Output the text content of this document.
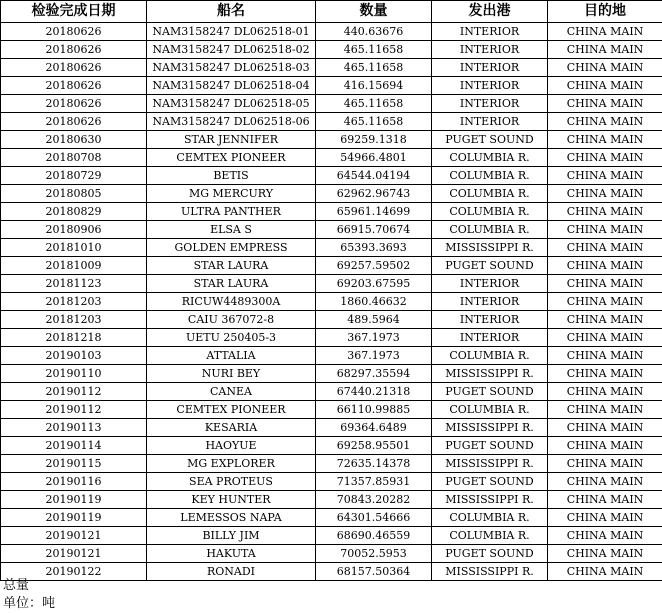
检验完成日期	船名	数量	发出港	目的地
20180626	NAM3158247 DL062518-01	440.63676	INTERIOR	CHINA MAIN
20180626	NAM3158247 DL062518-02	465.11658	INTERIOR	CHINA MAIN
20180626	NAM3158247 DL062518-03	465.11658	INTERIOR	CHINA MAIN
20180626	NAM3158247 DL062518-04	416.15694	INTERIOR	CHINA MAIN
20180626	NAM3158247 DL062518-05	465.11658	INTERIOR	CHINA MAIN
20180626	NAM3158247 DL062518-06	465.11658	INTERIOR	CHINA MAIN
20180630	STAR JENNIFER	69259.1318	PUGET SOUND	CHINA MAIN
20180708	CEMTEX PIONEER	54966.4801	COLUMBIA R.	CHINA MAIN
20180729	BETIS	64544.04194	COLUMBIA R.	CHINA MAIN
20180805	MG MERCURY	62962.96743	COLUMBIA R.	CHINA MAIN
20180829	ULTRA PANTHER	65961.14699	COLUMBIA R.	CHINA MAIN
20180906	ELSA S	66915.70674	COLUMBIA R.	CHINA MAIN
20181010	GOLDEN EMPRESS	65393.3693	MISSISSIPPI R.	CHINA MAIN
20181009	STAR LAURA	69257.59502	PUGET SOUND	CHINA MAIN
20181123	STAR LAURA	69203.67595	INTERIOR	CHINA MAIN
20181203	RICUW4489300A	1860.46632	INTERIOR	CHINA MAIN
20181203	CAIU 367072-8	489.5964	INTERIOR	CHINA MAIN
20181218	UETU 250405-3	367.1973	INTERIOR	CHINA MAIN
20190103	ATTALIA	367.1973	COLUMBIA R.	CHINA MAIN
20190110	NURI BEY	68297.35594	MISSISSIPPI R.	CHINA MAIN
20190112	CANEA	67440.21318	PUGET SOUND	CHINA MAIN
20190112	CEMTEX PIONEER	66110.99885	COLUMBIA R.	CHINA MAIN
20190113	KESARIA	69364.6489	MISSISSIPPI R.	CHINA MAIN
20190114	HAOYUE	69258.95501	PUGET SOUND	CHINA MAIN
20190115	MG EXPLORER	72635.14378	MISSISSIPPI R.	CHINA MAIN
20190116	SEA PROTEUS	71357.85931	PUGET SOUND	CHINA MAIN
20190119	KEY HUNTER	70843.20282	MISSISSIPPI R.	CHINA MAIN
20190119	LEMESSOS NAPA	64301.54666	COLUMBIA R.	CHINA MAIN
20190121	BILLY JIM	68690.46559	COLUMBIA R.	CHINA MAIN
20190121	HAKUTA	70052.5953	PUGET SOUND	CHINA MAIN
20190122	RONADI	68157.50364	MISSISSIPPI R.	CHINA MAIN
总量
单位：吨
